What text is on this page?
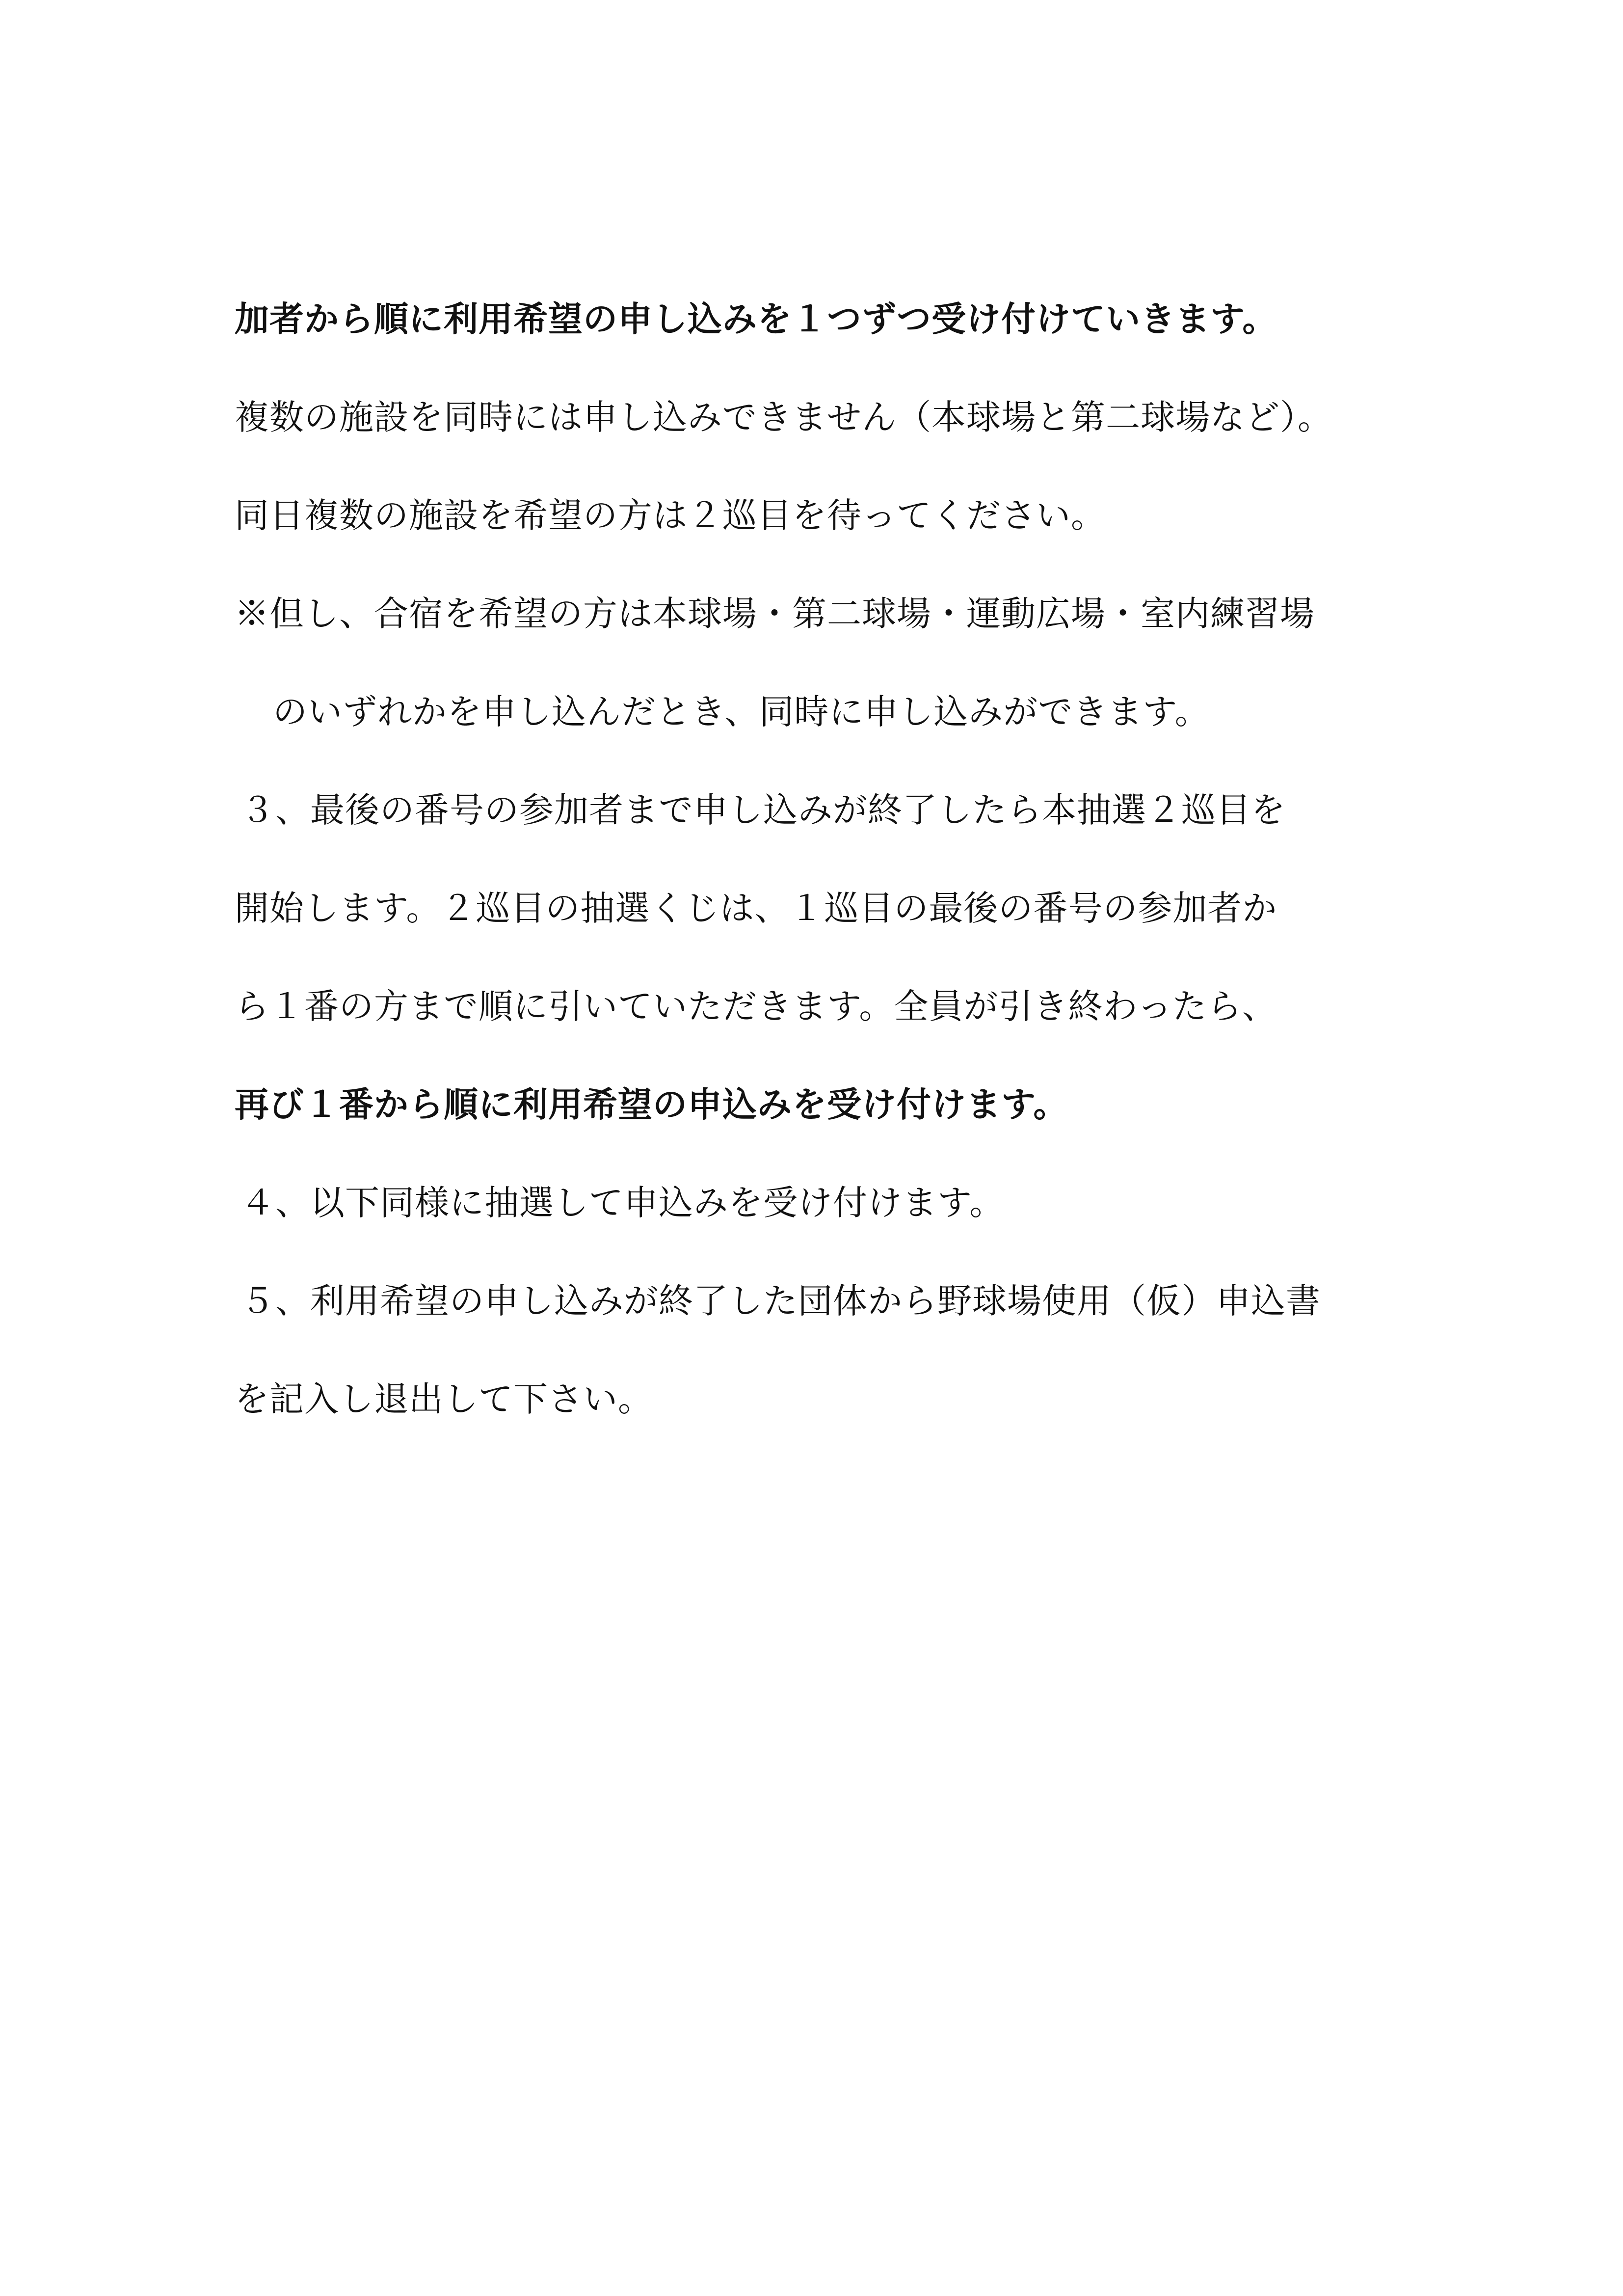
加者から順に利用希望の申し込みを１つずつ受け付けていきます。
複数の施設を同時には申し込みできません（本球場と第二球場など）。
同日複数の施設を希望の方は２巡目を待ってください。
※但し、合宿を希望の方は本球場・第二球場・運動広場・室内練習場
のいずれかを申し込んだとき、同時に申し込みができます。
３、最後の番号の参加者まで申し込みが終了したら本抽選２巡目を
開始します。２巡目の抽選くじは、１巡目の最後の番号の参加者か
ら１番の方まで順に引いていただきます。全員が引き終わったら、
再び１番から順に利用希望の申込みを受け付けます。
４、以下同様に抽選して申込みを受け付けます。
５、利用希望の申し込みが終了した団体から野球場使用（仮）申込書
を記入し退出して下さい。
